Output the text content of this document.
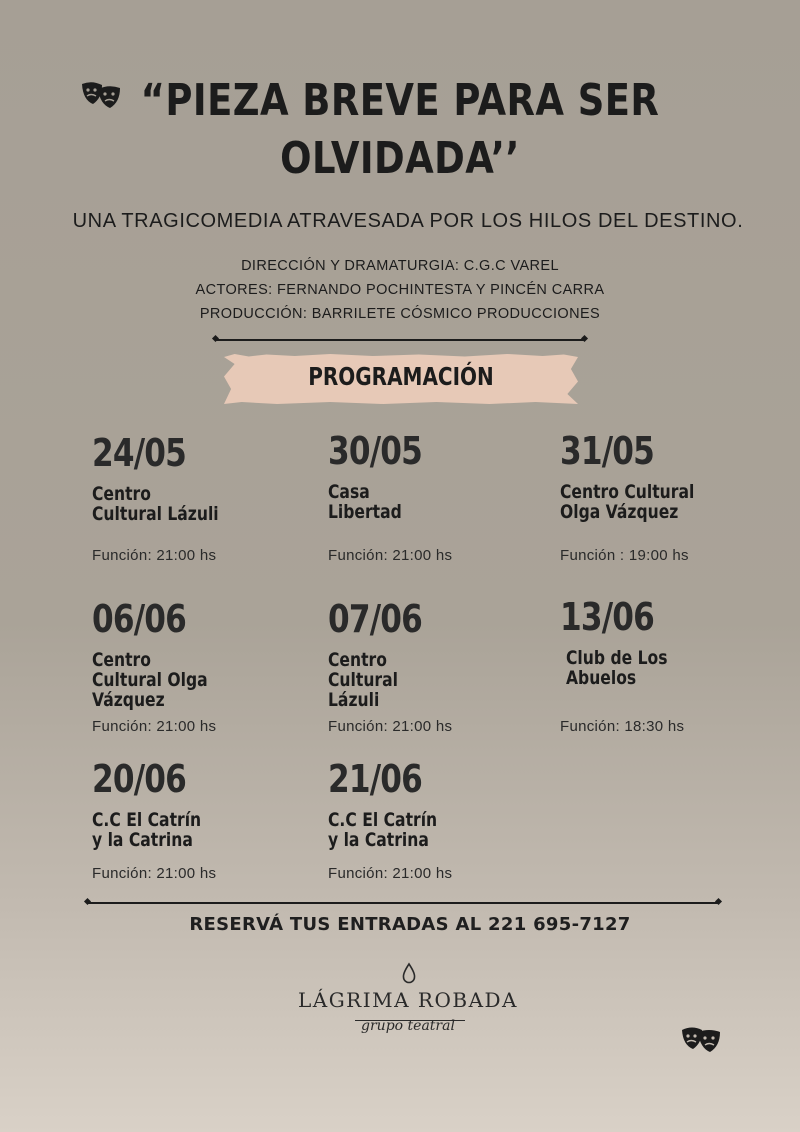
“PIEZA BREVE PARA SER
OLVIDADA’’
UNA TRAGICOMEDIA ATRAVESADA POR LOS HILOS DEL DESTINO.
DIRECCIÓN Y DRAMATURGIA: C.G.C VAREL
ACTORES: FERNANDO POCHINTESTA Y PINCÉN CARRA
PRODUCCIÓN: BARRILETE CÓSMICO PRODUCCIONES
PROGRAMACIÓN
24/05
Centro
Cultural Lázuli
Función: 21:00 hs
30/05
Casa
Libertad
Función: 21:00 hs
31/05
Centro Cultural
Olga Vázquez
Función : 19:00 hs
06/06
Centro
Cultural Olga
Vázquez
Función: 21:00 hs
07/06
Centro
Cultural
Lázuli
Función: 21:00 hs
13/06
Club de Los
Abuelos
Función: 18:30 hs
20/06
C.C El Catrín
y la Catrina
Función: 21:00 hs
21/06
C.C El Catrín
y la Catrina
Función: 21:00 hs
RESERVÁ TUS ENTRADAS AL 221 695-7127
LÁGRIMA ROBADA
grupo teatral
